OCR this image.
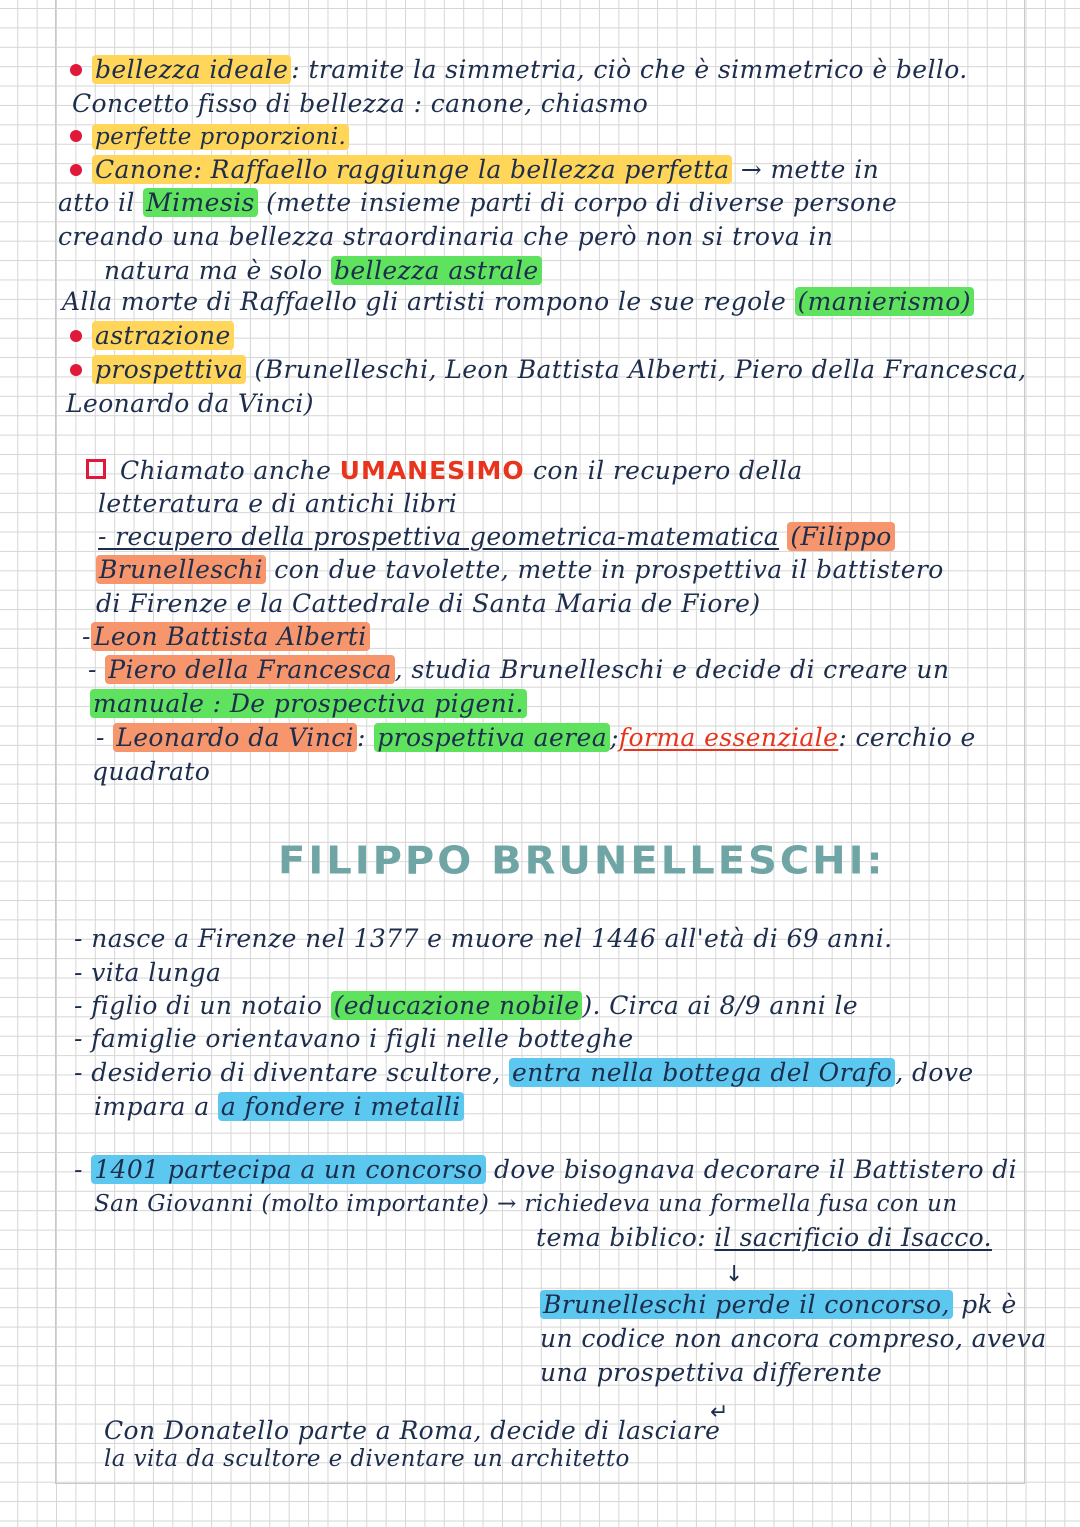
bellezza ideale : tramite la simmetria, ciò che è simmetrico è bello.
Concetto fisso di bellezza : canone, chiasmo
perfette proporzioni.
Canone: Raffaello raggiunge la bellezza perfetta → mette in
atto il Mimesis (mette insieme parti di corpo di diverse persone
creando una bellezza straordinaria che però non si trova in
natura ma è solo bellezza astrale
Alla morte di Raffaello gli artisti rompono le sue regole (manierismo)
astrazione
prospettiva (Brunelleschi, Leon Battista Alberti, Piero della Francesca,
Leonardo da Vinci)
Chiamato anche UMANESIMO con il recupero della
letteratura e di antichi libri
- recupero della prospettiva geometrica-matematica (Filippo
Brunelleschi con due tavolette, mette in prospettiva il battistero
di Firenze e la Cattedrale di Santa Maria de Fiore)
- Leon Battista Alberti
- Piero della Francesca , studia Brunelleschi e decide di creare un
manuale : De prospectiva pigeni.
- Leonardo da Vinci : prospettiva aerea ;forma essenziale: cerchio e
quadrato
FILIPPO BRUNELLESCHI:
- nasce a Firenze nel 1377 e muore nel 1446 all'età di 69 anni.
- vita lunga
- figlio di un notaio (educazione nobile ). Circa ai 8/9 anni le
- famiglie orientavano i figli nelle botteghe
- desiderio di diventare scultore, entra nella bottega del Orafo , dove
impara a a fondere i metalli
- 1401 partecipa a un concorso dove bisognava decorare il Battistero di
San Giovanni (molto importante) → richiedeva una formella fusa con un
tema biblico: il sacrificio di Isacco.
↓
Brunelleschi perde il concorso, pk è
un codice non ancora compreso, aveva
una prospettiva differente
↵
Con Donatello parte a Roma, decide di lasciare
la vita da scultore e diventare un architetto
